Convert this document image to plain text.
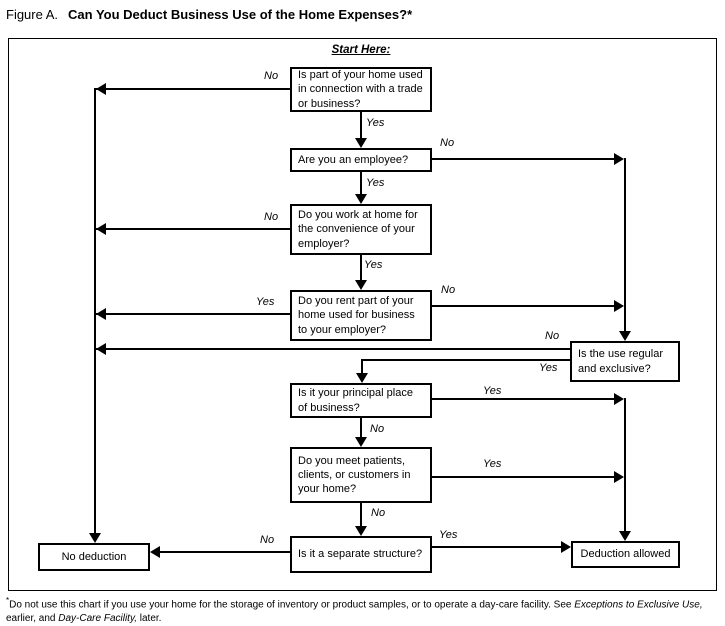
Figure A. Can You Deduct Business Use of the Home Expenses?*
Start Here:
Is part of your home used in connection with a trade or business?
Are you an employee?
Do you work at home for the convenience of your employer?
Do you rent part of your home used for business to your employer?
Is the use regular and exclusive?
Is it your principal place of business?
Do you meet patients, clients, or customers in your home?
Is it a separate structure?
No deduction	Deduction allowed
No
Yes
No
Yes
No
Yes
Yes
No
No
Yes
Yes
No
Yes
No
No	Yes
*Do not use this chart if you use your home for the storage of inventory or product samples, or to operate a day-care facility. See Exceptions to Exclusive Use, earlier, and Day-Care Facility, later.
